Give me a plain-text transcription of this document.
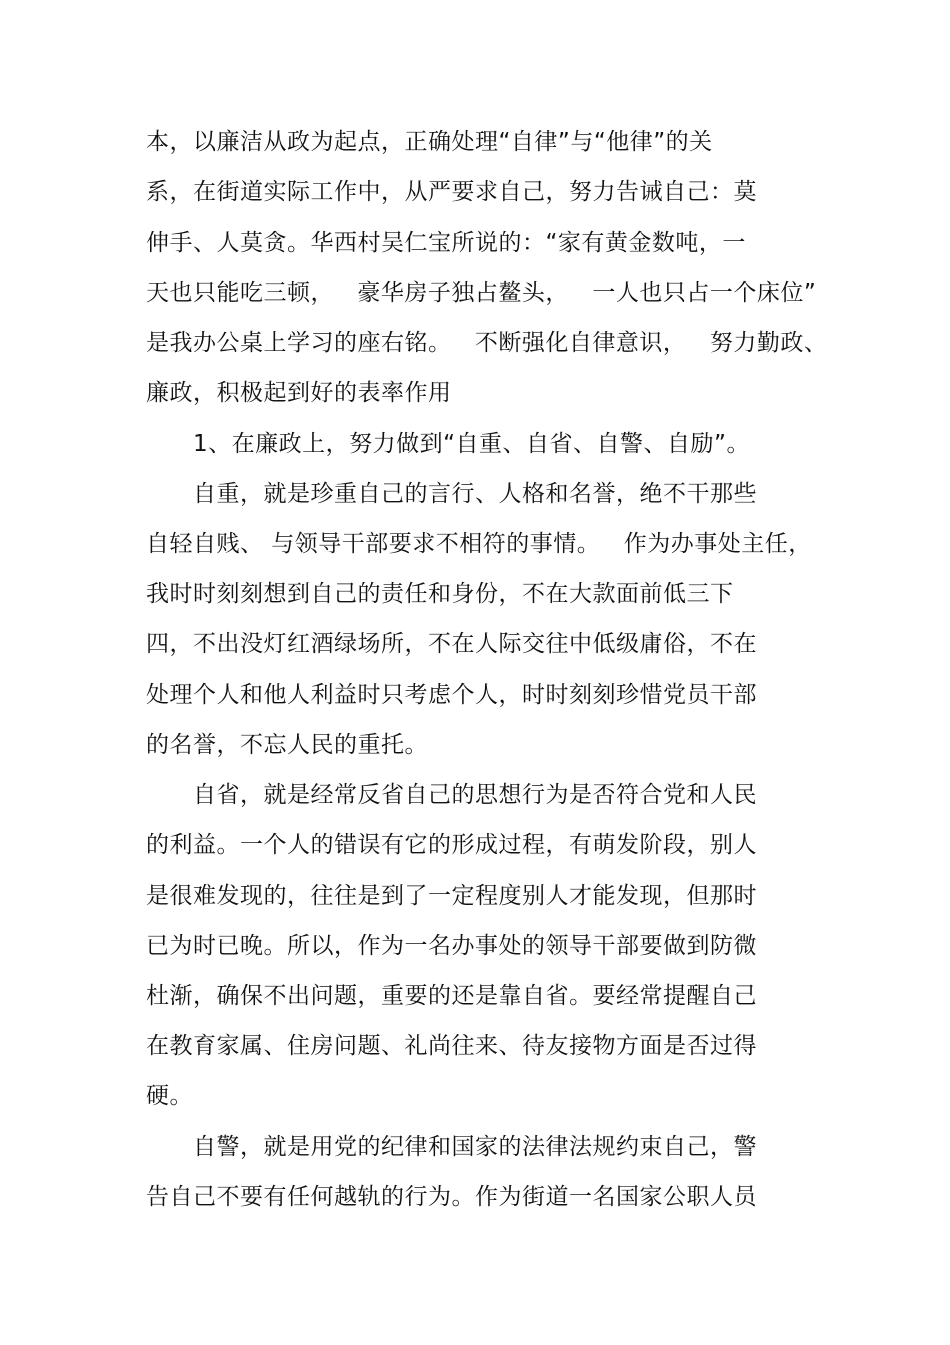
本，以廉洁从政为起点，正确处理“自律”与“他律”的关
系，在街道实际工作中，从严要求自己，努力告诫自己：莫
伸手、人莫贪。华西村吴仁宝所说的：“家有黄金数吨，一
天也只能吃三顿，   豪华房子独占鳌头，   一人也只占一个床位”
是我办公桌上学习的座右铭。   不断强化自律意识，   努力勤政、
廉政，积极起到好的表率作用
1、在廉政上，努力做到“自重、自省、自警、自励”。
自重，就是珍重自己的言行、人格和名誉，绝不干那些
自轻自贱、 与领导干部要求不相符的事情。   作为办事处主任，
我时时刻刻想到自己的责任和身份，不在大款面前低三下
四，不出没灯红酒绿场所，不在人际交往中低级庸俗，不在
处理个人和他人利益时只考虑个人，时时刻刻珍惜党员干部
的名誉，不忘人民的重托。
自省，就是经常反省自己的思想行为是否符合党和人民
的利益。一个人的错误有它的形成过程，有萌发阶段，别人
是很难发现的，往往是到了一定程度别人才能发现，但那时
已为时已晚。所以，作为一名办事处的领导干部要做到防微
杜渐，确保不出问题，重要的还是靠自省。要经常提醒自己
在教育家属、住房问题、礼尚往来、待友接物方面是否过得
硬。
自警，就是用党的纪律和国家的法律法规约束自己，警
告自己不要有任何越轨的行为。作为街道一名国家公职人员
